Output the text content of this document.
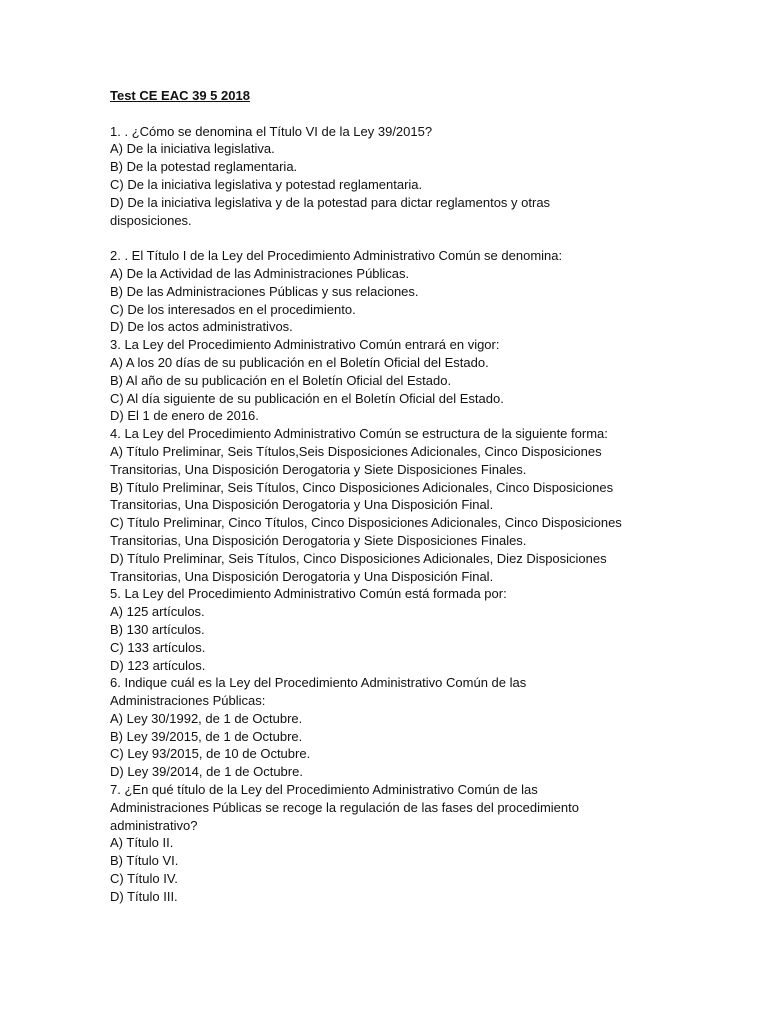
Test CE EAC 39 5 2018
1. . ¿Cómo se denomina el Título VI de la Ley 39/2015?
A) De la iniciativa legislativa.
B) De la potestad reglamentaria.
C) De la iniciativa legislativa y potestad reglamentaria.
D) De la iniciativa legislativa y de la potestad para dictar reglamentos y otras disposiciones.
2. . El Título I de la Ley del Procedimiento Administrativo Común se denomina:
A) De la Actividad de las Administraciones Públicas.
B) De las Administraciones Públicas y sus relaciones.
C) De los interesados en el procedimiento.
D) De los actos administrativos.
3. La Ley del Procedimiento Administrativo Común entrará en vigor:
A) A los 20 días de su publicación en el Boletín Oficial del Estado.
B) Al año de su publicación en el Boletín Oficial del Estado.
C) Al día siguiente de su publicación en el Boletín Oficial del Estado.
D) El 1 de enero de 2016.
4. La Ley del Procedimiento Administrativo Común se estructura de la siguiente forma:
A) Título Preliminar, Seis Títulos,Seis Disposiciones Adicionales, Cinco Disposiciones Transitorias, Una Disposición Derogatoria y Siete Disposiciones Finales.
B) Título Preliminar, Seis Títulos, Cinco Disposiciones Adicionales, Cinco Disposiciones Transitorias, Una Disposición Derogatoria y Una Disposición Final.
C) Título Preliminar, Cinco Títulos, Cinco Disposiciones Adicionales, Cinco Disposiciones Transitorias, Una Disposición Derogatoria y Siete Disposiciones Finales.
D) Título Preliminar, Seis Títulos, Cinco Disposiciones Adicionales, Diez Disposiciones Transitorias, Una Disposición Derogatoria y Una Disposición Final.
5. La Ley del Procedimiento Administrativo Común está formada por:
A) 125 artículos.
B) 130 artículos.
C) 133 artículos.
D) 123 artículos.
6. Indique cuál es la Ley del Procedimiento Administrativo Común de las Administraciones Públicas:
A) Ley 30/1992, de 1 de Octubre.
B) Ley 39/2015, de 1 de Octubre.
C) Ley 93/2015, de 10 de Octubre.
D) Ley 39/2014, de 1 de Octubre.
7. ¿En qué título de la Ley del Procedimiento Administrativo Común de las Administraciones Públicas se recoge la regulación de las fases del procedimiento administrativo?
A) Título II.
B) Título VI.
C) Título IV.
D) Título III.
